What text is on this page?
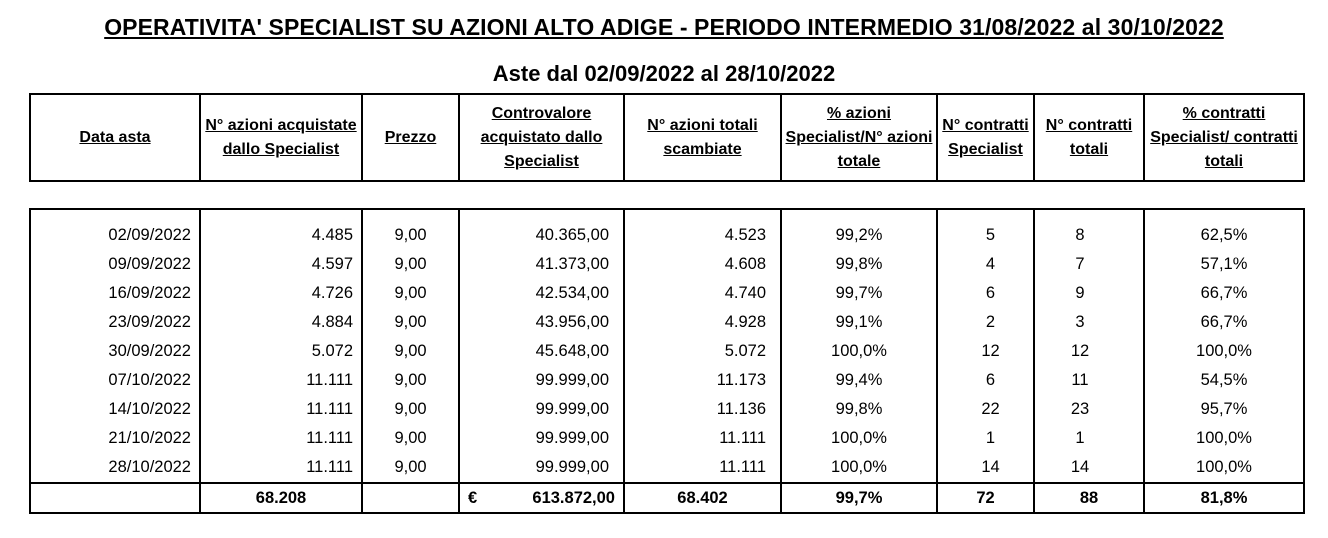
OPERATIVITA' SPECIALIST SU AZIONI ALTO ADIGE - PERIODO INTERMEDIO 31/08/2022 al 30/10/2022
Aste dal 02/09/2022 al 28/10/2022
Data asta	N° azioni acquistate dallo Specialist	Prezzo	Controvalore acquistato dallo Specialist	N° azioni totali scambiate	% azioni Specialist/N° azioni totale	N° contratti Specialist	N° contratti totali	% contratti Specialist/ contratti totali

02/09/2022	4.485	9,00	40.365,00	4.523	99,2%	5	8	62,5%
09/09/2022	4.597	9,00	41.373,00	4.608	99,8%	4	7	57,1%
16/09/2022	4.726	9,00	42.534,00	4.740	99,7%	6	9	66,7%
23/09/2022	4.884	9,00	43.956,00	4.928	99,1%	2	3	66,7%
30/09/2022	5.072	9,00	45.648,00	5.072	100,0%	12	12	100,0%
07/10/2022	11.111	9,00	99.999,00	11.173	99,4%	6	11	54,5%
14/10/2022	11.111	9,00	99.999,00	11.136	99,8%	22	23	95,7%
21/10/2022	11.111	9,00	99.999,00	11.111	100,0%	1	1	100,0%
28/10/2022	11.111	9,00	99.999,00	11.111	100,0%	14	14	100,0%
	68.208		€ 613.872,00	68.402	99,7%	72	88	81,8%
